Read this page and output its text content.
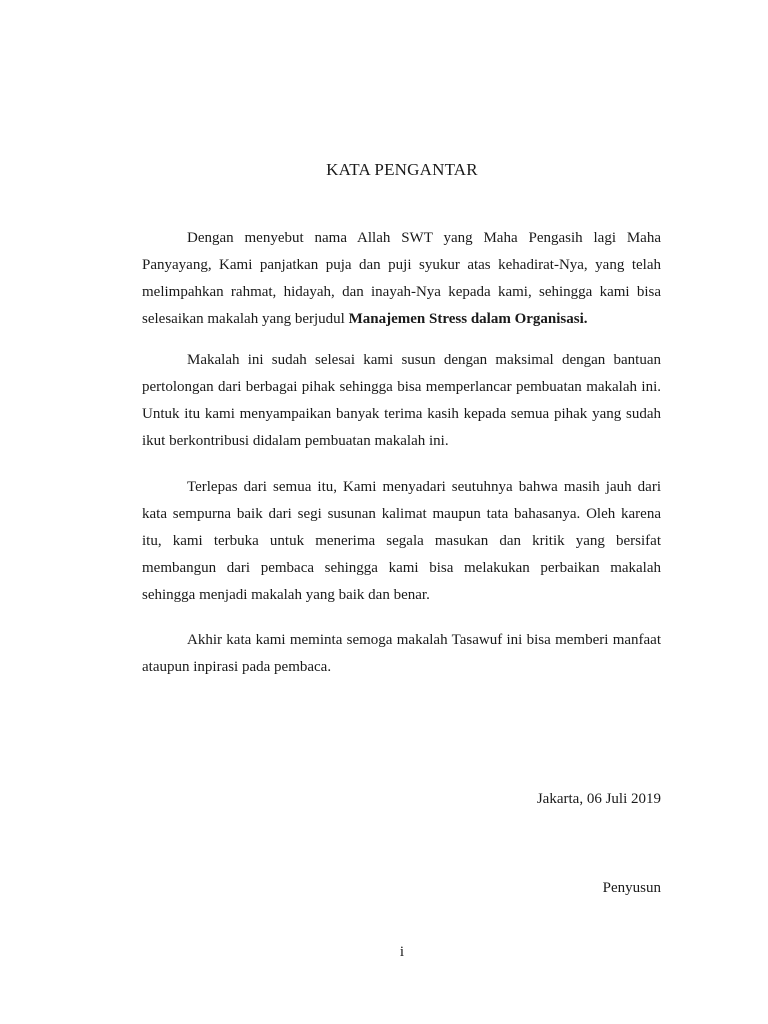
KATA PENGANTAR

Dengan menyebut nama Allah SWT yang Maha Pengasih lagi Maha Panyayang, Kami panjatkan puja dan puji syukur atas kehadirat-Nya, yang telah melimpahkan rahmat, hidayah, dan inayah-Nya kepada kami, sehingga kami bisa selesaikan makalah yang berjudul Manajemen Stress dalam Organisasi.

Makalah ini sudah selesai kami susun dengan maksimal dengan bantuan pertolongan dari berbagai pihak sehingga bisa memperlancar pembuatan makalah ini. Untuk itu kami menyampaikan banyak terima kasih kepada semua pihak yang sudah ikut berkontribusi didalam pembuatan makalah ini.

Terlepas dari semua itu, Kami menyadari seutuhnya bahwa masih jauh dari kata sempurna baik dari segi susunan kalimat maupun tata bahasanya. Oleh karena itu, kami terbuka untuk menerima segala masukan dan kritik yang bersifat membangun dari pembaca sehingga kami bisa melakukan perbaikan makalah sehingga menjadi makalah yang baik dan benar.

Akhir kata kami meminta semoga makalah Tasawuf ini bisa memberi manfaat ataupun inpirasi pada pembaca.

Jakarta, 06 Juli 2019
Penyusun
i
